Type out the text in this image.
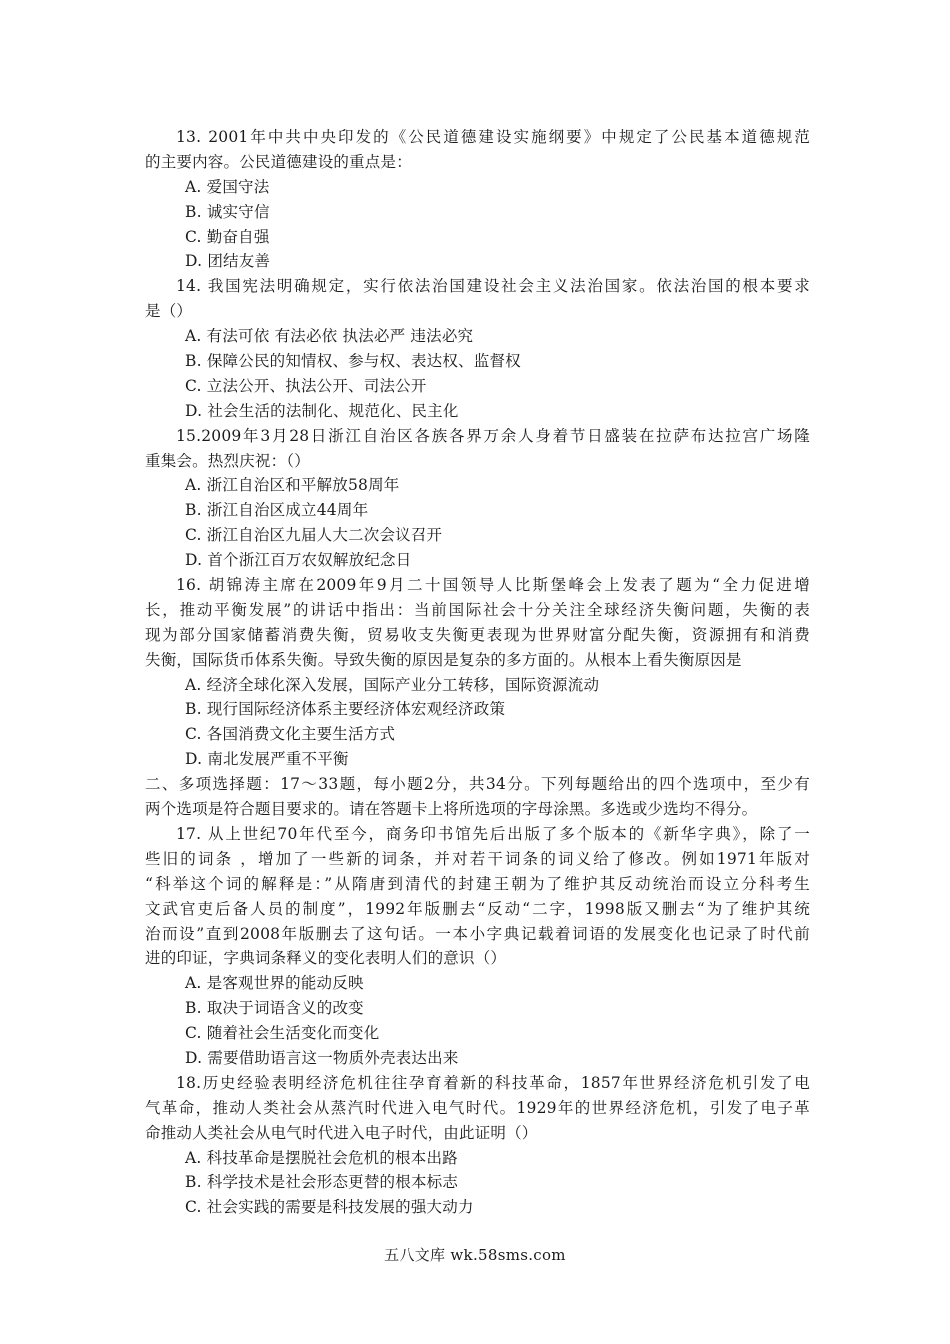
13. 2001年中共中央印发的《公民道德建设实施纲要》中规定了公民基本道德规范
的主要内容。公民道德建设的重点是：
A. 爱国守法
B. 诚实守信
C. 勤奋自强
D. 团结友善
14. 我国宪法明确规定，实行依法治国建设社会主义法治国家。依法治国的根本要求
是（）
A. 有法可依 有法必依 执法必严 违法必究
B. 保障公民的知情权、参与权、表达权、监督权
C. 立法公开、执法公开、司法公开
D. 社会生活的法制化、规范化、民主化
15.2009年3月28日浙江自治区各族各界万余人身着节日盛装在拉萨布达拉宫广场隆
重集会。热烈庆祝：（）
A. 浙江自治区和平解放58周年
B. 浙江自治区成立44周年
C. 浙江自治区九届人大二次会议召开
D. 首个浙江百万农奴解放纪念日
16. 胡锦涛主席在2009年9月二十国领导人比斯堡峰会上发表了题为“全力促进增
长，推动平衡发展”的讲话中指出：当前国际社会十分关注全球经济失衡问题，失衡的表
现为部分国家储蓄消费失衡，贸易收支失衡更表现为世界财富分配失衡，资源拥有和消费
失衡，国际货币体系失衡。导致失衡的原因是复杂的多方面的。从根本上看失衡原因是
A. 经济全球化深入发展，国际产业分工转移，国际资源流动
B. 现行国际经济体系主要经济体宏观经济政策
C. 各国消费文化主要生活方式
D. 南北发展严重不平衡
二、多项选择题：17～33题，每小题2分，共34分。下列每题给出的四个选项中，至少有
两个选项是符合题目要求的。请在答题卡上将所选项的字母涂黑。多选或少选均不得分。
17. 从上世纪70年代至今，商务印书馆先后出版了多个版本的《新华字典》，除了一
些旧的词条 ，增加了一些新的词条，并对若干词条的词义给了修改。例如1971年版对
“科举这个词的解释是：”从隋唐到清代的封建王朝为了维护其反动统治而设立分科考生
文武官吏后备人员的制度”，1992年版删去“反动“二字，1998版又删去“为了维护其统
治而设”直到2008年版删去了这句话。一本小字典记载着词语的发展变化也记录了时代前
进的印证，字典词条释义的变化表明人们的意识（）
A. 是客观世界的能动反映
B. 取决于词语含义的改变
C. 随着社会生活变化而变化
D. 需要借助语言这一物质外壳表达出来
18.历史经验表明经济危机往往孕育着新的科技革命，1857年世界经济危机引发了电
气革命，推动人类社会从蒸汽时代进入电气时代。1929年的世界经济危机，引发了电子革
命推动人类社会从电气时代进入电子时代，由此证明（）
A. 科技革命是摆脱社会危机的根本出路
B. 科学技术是社会形态更替的根本标志
C. 社会实践的需要是科技发展的强大动力
五八文库 wk.58sms.com
